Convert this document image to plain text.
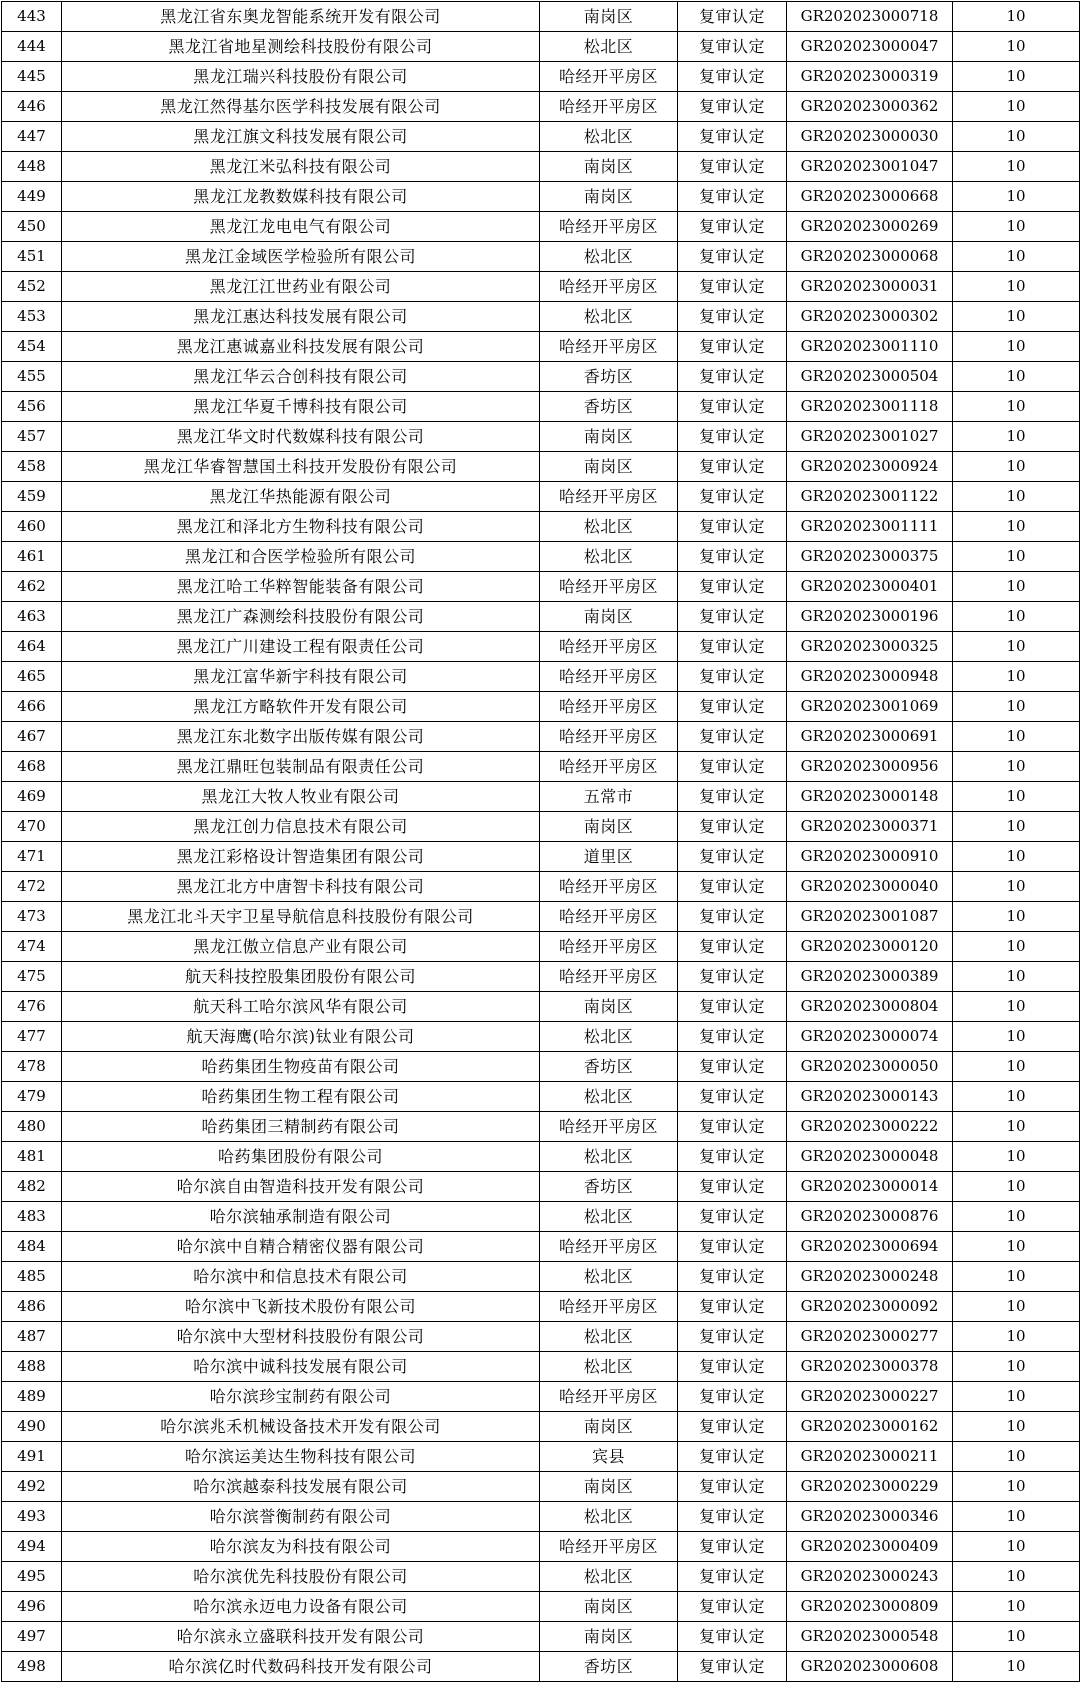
443	黑龙江省东奥龙智能系统开发有限公司	南岗区	复审认定	GR202023000718	10
444	黑龙江省地星测绘科技股份有限公司	松北区	复审认定	GR202023000047	10
445	黑龙江瑞兴科技股份有限公司	哈经开平房区	复审认定	GR202023000319	10
446	黑龙江然得基尔医学科技发展有限公司	哈经开平房区	复审认定	GR202023000362	10
447	黑龙江旗文科技发展有限公司	松北区	复审认定	GR202023000030	10
448	黑龙江米弘科技有限公司	南岗区	复审认定	GR202023001047	10
449	黑龙江龙教数媒科技有限公司	南岗区	复审认定	GR202023000668	10
450	黑龙江龙电电气有限公司	哈经开平房区	复审认定	GR202023000269	10
451	黑龙江金域医学检验所有限公司	松北区	复审认定	GR202023000068	10
452	黑龙江江世药业有限公司	哈经开平房区	复审认定	GR202023000031	10
453	黑龙江惠达科技发展有限公司	松北区	复审认定	GR202023000302	10
454	黑龙江惠诚嘉业科技发展有限公司	哈经开平房区	复审认定	GR202023001110	10
455	黑龙江华云合创科技有限公司	香坊区	复审认定	GR202023000504	10
456	黑龙江华夏千博科技有限公司	香坊区	复审认定	GR202023001118	10
457	黑龙江华文时代数媒科技有限公司	南岗区	复审认定	GR202023001027	10
458	黑龙江华睿智慧国土科技开发股份有限公司	南岗区	复审认定	GR202023000924	10
459	黑龙江华热能源有限公司	哈经开平房区	复审认定	GR202023001122	10
460	黑龙江和泽北方生物科技有限公司	松北区	复审认定	GR202023001111	10
461	黑龙江和合医学检验所有限公司	松北区	复审认定	GR202023000375	10
462	黑龙江哈工华粹智能装备有限公司	哈经开平房区	复审认定	GR202023000401	10
463	黑龙江广森测绘科技股份有限公司	南岗区	复审认定	GR202023000196	10
464	黑龙江广川建设工程有限责任公司	哈经开平房区	复审认定	GR202023000325	10
465	黑龙江富华新宇科技有限公司	哈经开平房区	复审认定	GR202023000948	10
466	黑龙江方略软件开发有限公司	哈经开平房区	复审认定	GR202023001069	10
467	黑龙江东北数字出版传媒有限公司	哈经开平房区	复审认定	GR202023000691	10
468	黑龙江鼎旺包装制品有限责任公司	哈经开平房区	复审认定	GR202023000956	10
469	黑龙江大牧人牧业有限公司	五常市	复审认定	GR202023000148	10
470	黑龙江创力信息技术有限公司	南岗区	复审认定	GR202023000371	10
471	黑龙江彩格设计智造集团有限公司	道里区	复审认定	GR202023000910	10
472	黑龙江北方中唐智卡科技有限公司	哈经开平房区	复审认定	GR202023000040	10
473	黑龙江北斗天宇卫星导航信息科技股份有限公司	哈经开平房区	复审认定	GR202023001087	10
474	黑龙江傲立信息产业有限公司	哈经开平房区	复审认定	GR202023000120	10
475	航天科技控股集团股份有限公司	哈经开平房区	复审认定	GR202023000389	10
476	航天科工哈尔滨风华有限公司	南岗区	复审认定	GR202023000804	10
477	航天海鹰(哈尔滨)钛业有限公司	松北区	复审认定	GR202023000074	10
478	哈药集团生物疫苗有限公司	香坊区	复审认定	GR202023000050	10
479	哈药集团生物工程有限公司	松北区	复审认定	GR202023000143	10
480	哈药集团三精制药有限公司	哈经开平房区	复审认定	GR202023000222	10
481	哈药集团股份有限公司	松北区	复审认定	GR202023000048	10
482	哈尔滨自由智造科技开发有限公司	香坊区	复审认定	GR202023000014	10
483	哈尔滨轴承制造有限公司	松北区	复审认定	GR202023000876	10
484	哈尔滨中自精合精密仪器有限公司	哈经开平房区	复审认定	GR202023000694	10
485	哈尔滨中和信息技术有限公司	松北区	复审认定	GR202023000248	10
486	哈尔滨中飞新技术股份有限公司	哈经开平房区	复审认定	GR202023000092	10
487	哈尔滨中大型材科技股份有限公司	松北区	复审认定	GR202023000277	10
488	哈尔滨中诚科技发展有限公司	松北区	复审认定	GR202023000378	10
489	哈尔滨珍宝制药有限公司	哈经开平房区	复审认定	GR202023000227	10
490	哈尔滨兆禾机械设备技术开发有限公司	南岗区	复审认定	GR202023000162	10
491	哈尔滨运美达生物科技有限公司	宾县	复审认定	GR202023000211	10
492	哈尔滨越泰科技发展有限公司	南岗区	复审认定	GR202023000229	10
493	哈尔滨誉衡制药有限公司	松北区	复审认定	GR202023000346	10
494	哈尔滨友为科技有限公司	哈经开平房区	复审认定	GR202023000409	10
495	哈尔滨优先科技股份有限公司	松北区	复审认定	GR202023000243	10
496	哈尔滨永迈电力设备有限公司	南岗区	复审认定	GR202023000809	10
497	哈尔滨永立盛联科技开发有限公司	南岗区	复审认定	GR202023000548	10
498	哈尔滨亿时代数码科技开发有限公司	香坊区	复审认定	GR202023000608	10
